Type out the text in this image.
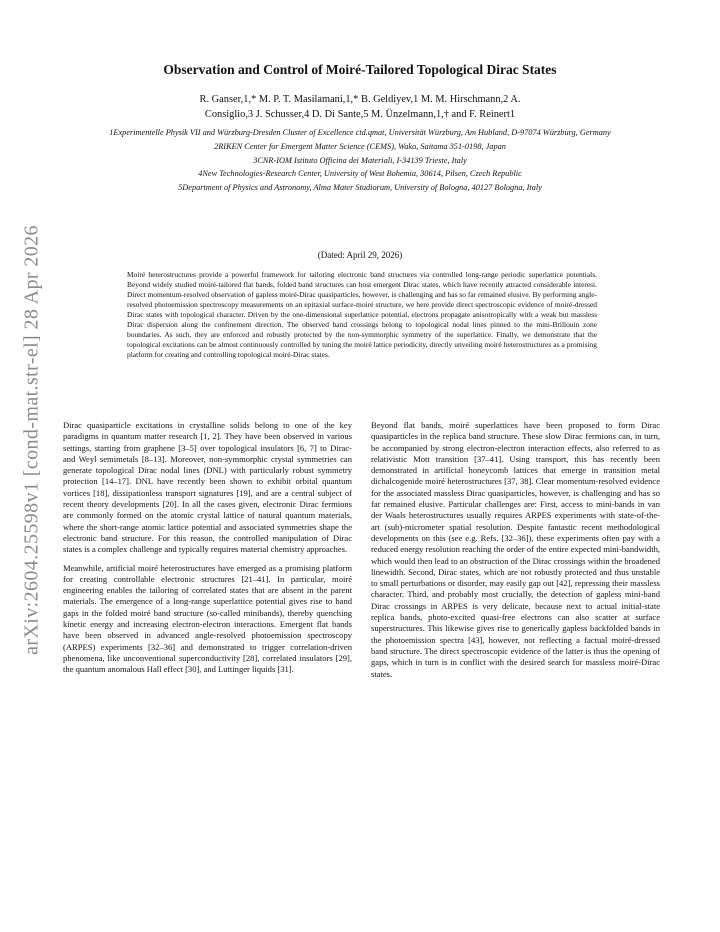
arXiv:2604.25598v1 [cond-mat.str-el] 28 Apr 2026
Observation and Control of Moiré-Tailored Topological Dirac States
R. Ganser,1,* M. P. T. Masilamani,1,* B. Geldiyev,1 M. M. Hirschmann,2 A.
Consiglio,3 J. Schusser,4 D. Di Sante,5 M. Ünzelmann,1,† and F. Reinert1
1Experimentelle Physik VII and Würzburg-Dresden Cluster of Excellence ctd.qmat, Universität Würzburg, Am Hubland, D-97074 Würzburg, Germany
2RIKEN Center for Emergent Matter Science (CEMS), Wako, Saitama 351-0198, Japan
3CNR-IOM Istituto Officina dei Materiali, I-34139 Trieste, Italy
4New Technologies-Research Center, University of West Bohemia, 30614, Pilsen, Czech Republic
5Department of Physics and Astronomy, Alma Mater Studiorum, University of Bologna, 40127 Bologna, Italy
(Dated: April 29, 2026)
Moiré heterostructures provide a powerful framework for tailoring electronic band structures via controlled long-range periodic superlattice potentials. Beyond widely studied moiré-tailored flat bands, folded band structures can host emergent Dirac states, which have recently attracted considerable interest. Direct momentum-resolved observation of gapless moiré-Dirac quasiparticles, however, is challenging and has so far remained elusive. By performing angle-resolved photoemission spectroscopy measurements on an epitaxial surface-moiré structure, we here provide direct spectroscopic evidence of moiré-dressed Dirac states with topological character. Driven by the one-dimensional superlattice potential, electrons propagate anisotropically with a weak but massless Dirac dispersion along the confinement direction. The observed band crossings belong to topological nodal lines pinned to the mini-Brillouin zone boundaries. As such, they are enforced and robustly protected by the non-symmorphic symmetry of the superlattice. Finally, we demonstrate that the topological excitations can be almost continuously controlled by tuning the moiré lattice periodicity, directly unveiling moiré heterostructures as a promising platform for creating and controlling topological moiré-Dirac states.

Dirac quasiparticle excitations in crystalline solids belong to one of the key paradigms in quantum matter research [1, 2]. They have been observed in various settings, starting from graphene [3–5] over topological insulators [6, 7] to Dirac- and Weyl semimetals [8–13]. Moreover, non-symmorphic crystal symmetries can generate topological Dirac nodal lines (DNL) with particularly robust symmetry protection [14–17]. DNL have recently been shown to exhibit orbital quantum vortices [18], dissipationless transport signatures [19], and are a central subject of recent theory developments [20]. In all the cases given, electronic Dirac fermions are commonly formed on the atomic crystal lattice of natural quantum materials, where the short-range atomic lattice potential and associated symmetries shape the electronic band structure. For this reason, the controlled manipulation of Dirac states is a complex challenge and typically requires material chemistry approaches.

Meanwhile, artificial moiré heterostructures have emerged as a promising platform for creating controllable electronic structures [21–41]. In particular, moiré engineering enables the tailoring of correlated states that are absent in the parent materials. The emergence of a long-range superlattice potential gives rise to band gaps in the folded moiré band structure (so-called minibands), thereby quenching kinetic energy and increasing electron-electron interactions. Emergent flat bands have been observed in advanced angle-resolved photoemission spectroscopy (ARPES) experiments [32–36] and demonstrated to trigger correlation-driven phenomena, like unconventional superconductivity [28], correlated insulators [29], the quantum anomalous Hall effect [30], and Luttinger liquids [31].

Beyond flat bands, moiré superlattices have been proposed to form Dirac quasiparticles in the replica band structure. These slow Dirac fermions can, in turn, be accompanied by strong electron-electron interaction effects, also referred to as relativistic Mott transition [37–41]. Using transport, this has recently been demonstrated in artificial honeycomb lattices that emerge in transition metal dichalcogenide moiré heterostructures [37, 38]. Clear momentum-resolved evidence for the associated massless Dirac quasiparticles, however, is challenging and has so far remained elusive. Particular challenges are: First, access to mini-bands in van der Waals heterostructures usually requires ARPES experiments with state-of-the-art (sub)-micrometer spatial resolution. Despite fantastic recent methodological developments on this (see e.g. Refs. [32–36]), these experiments often pay with a reduced energy resolution reaching the order of the entire expected mini-bandwidth, which would then lead to an obstruction of the Dirac crossings within the broadened linewidth. Second, Dirac states, which are not robustly protected and thus unstable to small perturbations or disorder, may easily gap out [42], repressing their massless character. Third, and probably most crucially, the detection of gapless mini-band Dirac crossings in ARPES is very delicate, because next to actual initial-state replica bands, photo-excited quasi-free electrons can also scatter at surface superstructures. This likewise gives rise to generically gapless backfolded bands in the photoemission spectra [43], however, not reflecting a factual moiré-dressed band structure. The direct spectroscopic evidence of the latter is thus the opening of gaps, which in turn is in conflict with the desired search for massless moiré-Dirac states.
